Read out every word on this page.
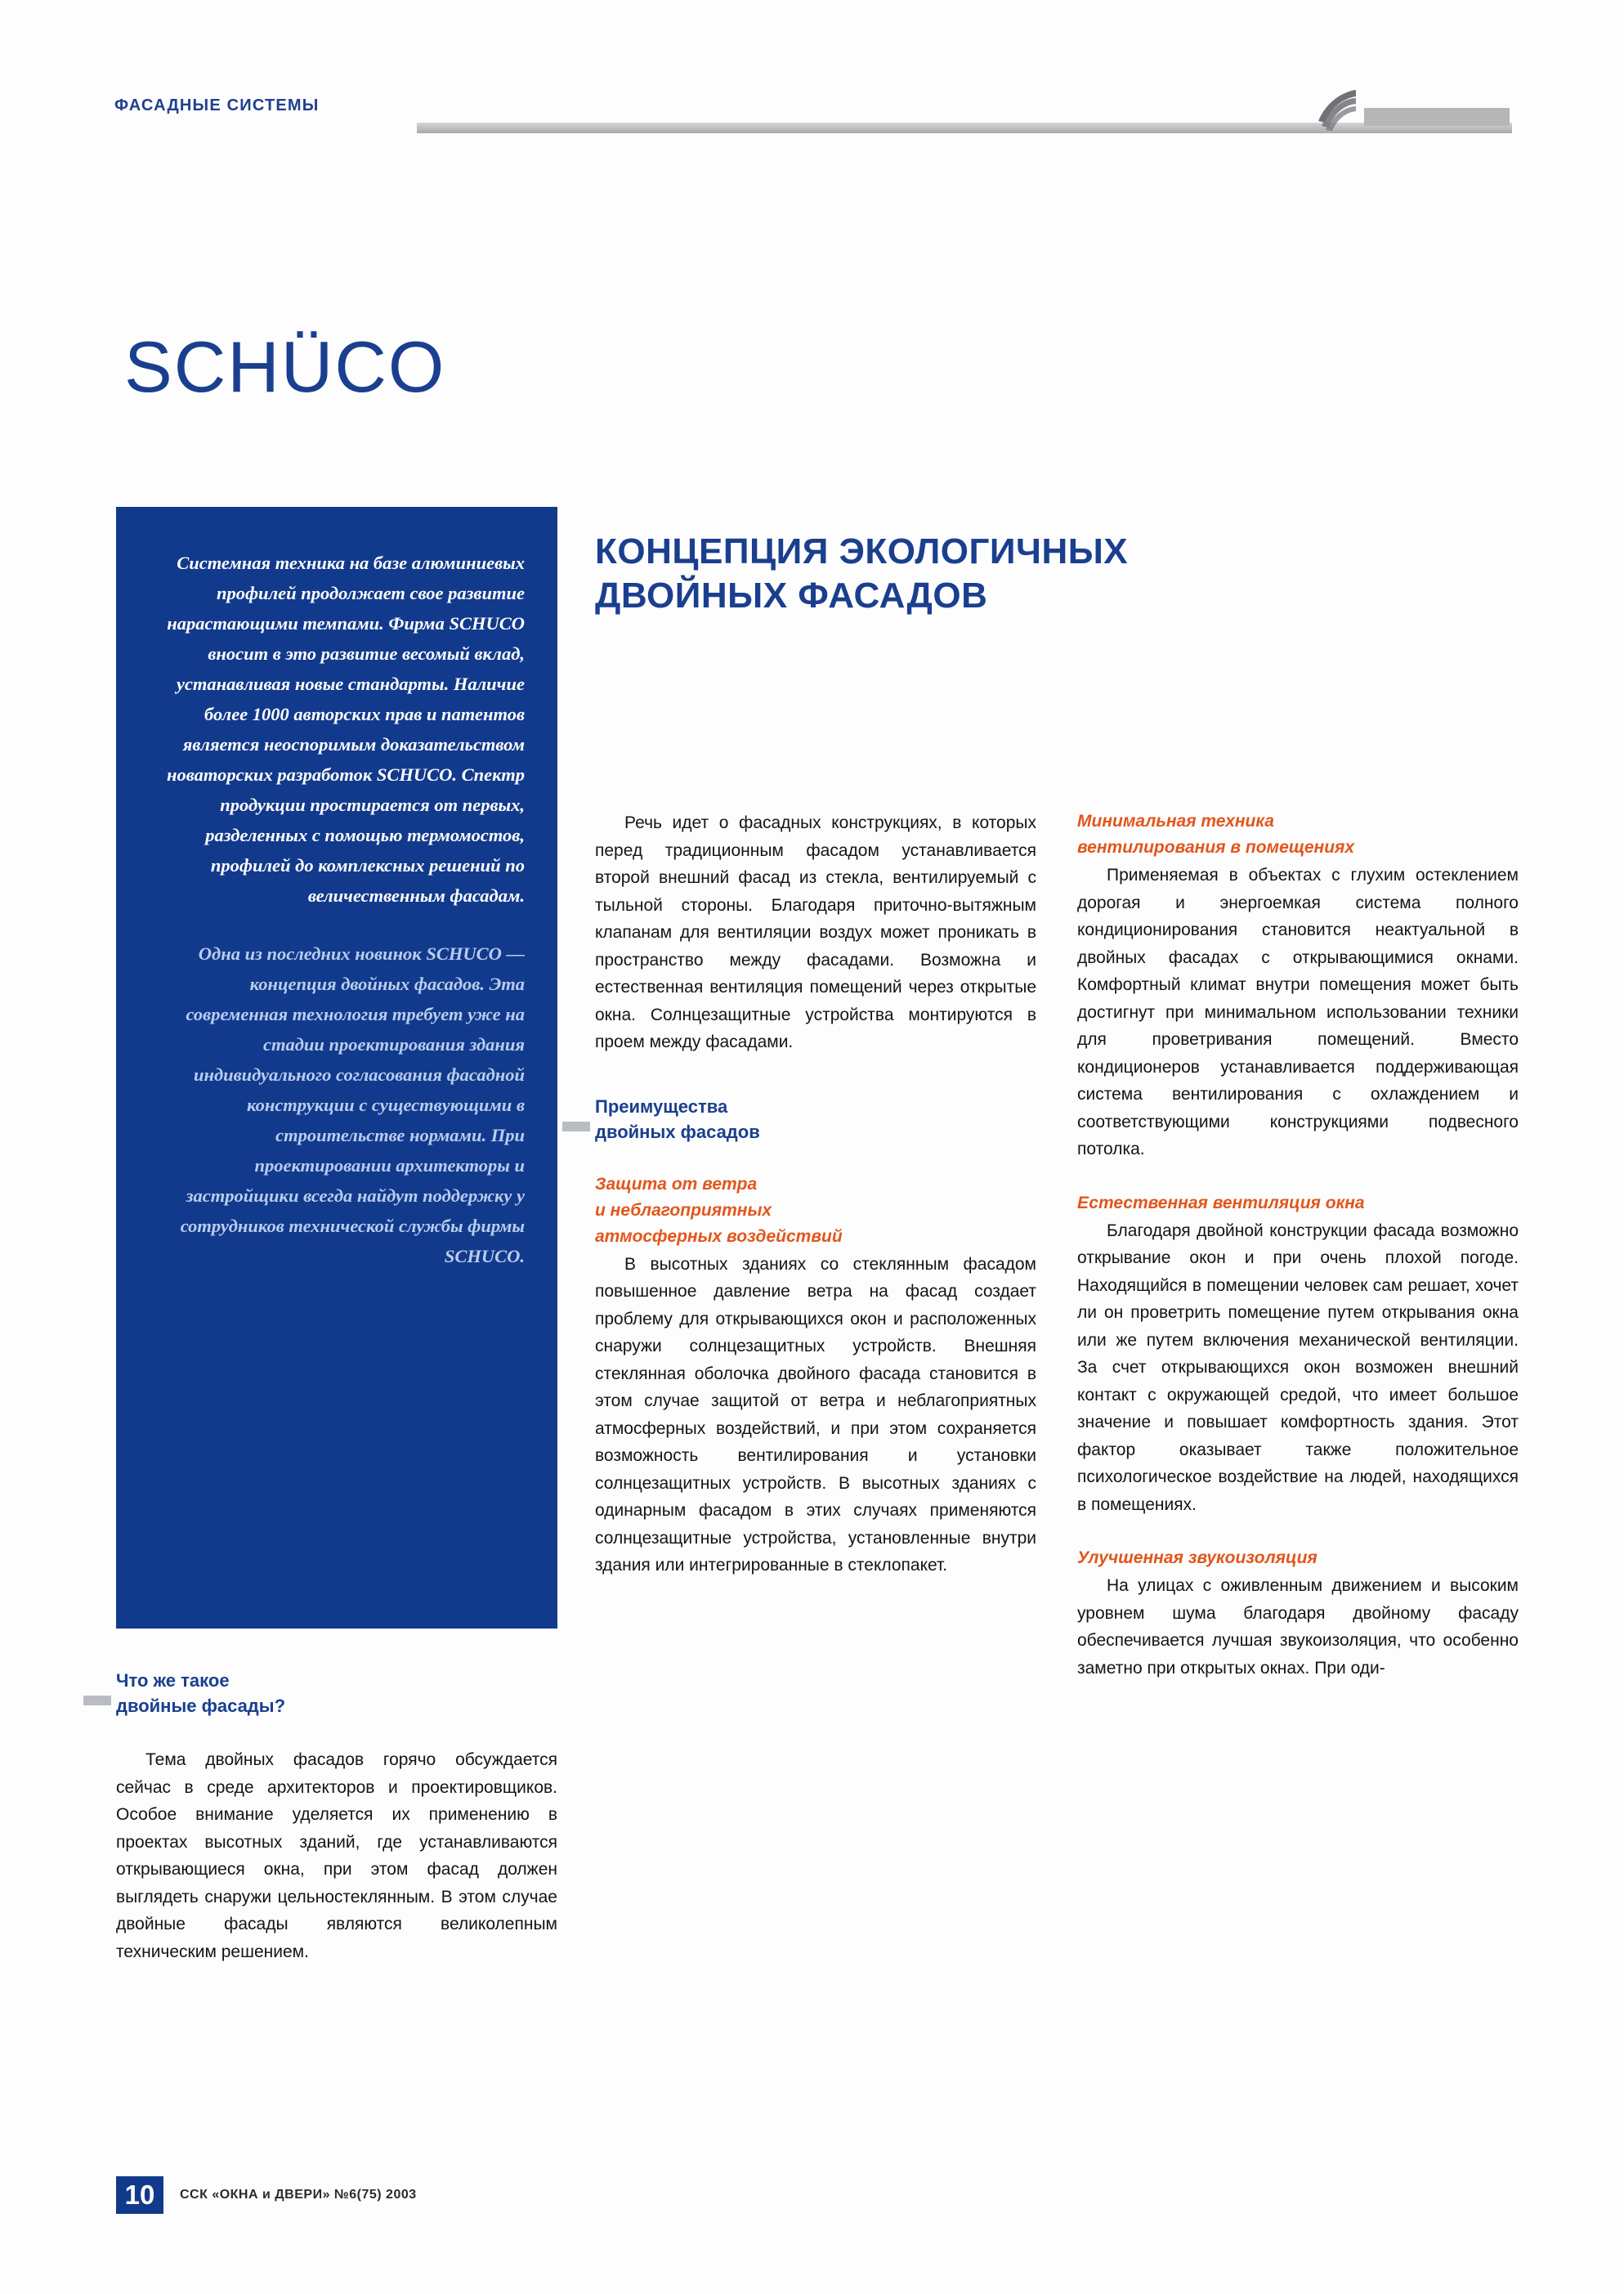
ФАСАДНЫЕ СИСТЕМЫ
SCHÜCO

Системная техника на базе алюминиевых профилей продолжает свое развитие нарастающими темпами. Фирма SCHUCO вносит в это развитие весомый вклад, устанавливая новые стандарты. Наличие более 1000 авторских прав и патентов является неоспоримым доказательством новаторских разработок SCHUCO. Спектр продукции простирается от первых, разделенных с помощью термомостов, профилей до комплексных решений по величественным фасадам.

Одна из последних новинок SCHUCO — концепция двойных фасадов. Эта современная технология требует уже на стадии проектирования здания индивидуального согласования фасадной конструкции с существующими в строительстве нормами. При проектировании архитекторы и застройщики всегда найдут поддержку у сотрудников технической службы фирмы SCHUCO.

КОНЦЕПЦИЯ ЭКОЛОГИЧНЫХ
ДВОЙНЫХ ФАСАДОВ
Что же такое
двойные фасады?

Тема двойных фасадов горячо обсуждается сейчас в среде архитекторов и проектировщиков. Особое внимание уделяется их применению в проектах высотных зданий, где устанавливаются открывающиеся окна, при этом фасад должен выглядеть снаружи цельностеклянным. В этом случае двойные фасады являются великолепным техническим решением.

Речь идет о фасадных конструкциях, в которых перед традиционным фасадом устанавливается второй внешний фасад из стекла, вентилируемый с тыльной стороны. Благодаря приточно-вытяжным клапанам для вентиляции воздух может проникать в пространство между фасадами. Возможна и естественная вентиляция помещений через открытые окна. Солнцезащитные устройства монтируются в проем между фасадами.

Преимущества
двойных фасадов
Защита от ветра
и неблагоприятных
атмосферных воздействий

В высотных зданиях со стеклянным фасадом повышенное давление ветра на фасад создает проблему для открывающихся окон и расположенных снаружи солнцезащитных устройств. Внешняя стеклянная оболочка двойного фасада становится в этом случае защитой от ветра и неблагоприятных атмосферных воздействий, и при этом сохраняется возможность вентилирования и установки солнцезащитных устройств. В высотных зданиях с одинарным фасадом в этих случаях применяются солнцезащитные устройства, установленные внутри здания или интегрированные в стеклопакет.

Минимальная техника
вентилирования в помещениях

Применяемая в объектах с глухим остеклением дорогая и энергоемкая система полного кондиционирования становится неактуальной в двойных фасадах с открывающимися окнами. Комфортный климат внутри помещения может быть достигнут при минимальном использовании техники для проветривания помещений. Вместо кондиционеров устанавливается поддерживающая система вентилирования с охлаждением и соответствующими конструкциями подвесного потолка.

Естественная вентиляция окна

Благодаря двойной конструкции фасада возможно открывание окон и при очень плохой погоде. Находящийся в помещении человек сам решает, хочет ли он проветрить помещение путем открывания окна или же путем включения механической вентиляции. За счет открывающихся окон возможен внешний контакт с окружающей средой, что имеет большое значение и повышает комфортность здания. Этот фактор оказывает также положительное психологическое воздействие на людей, находящихся в помещениях.

Улучшенная звукоизоляция

На улицах с оживленным движением и высоким уровнем шума благодаря двойному фасаду обеспечивается лучшая звукоизоляция, что особенно заметно при открытых окнах. При оди-

10	ССК «ОКНА и ДВЕРИ» №6(75) 2003
